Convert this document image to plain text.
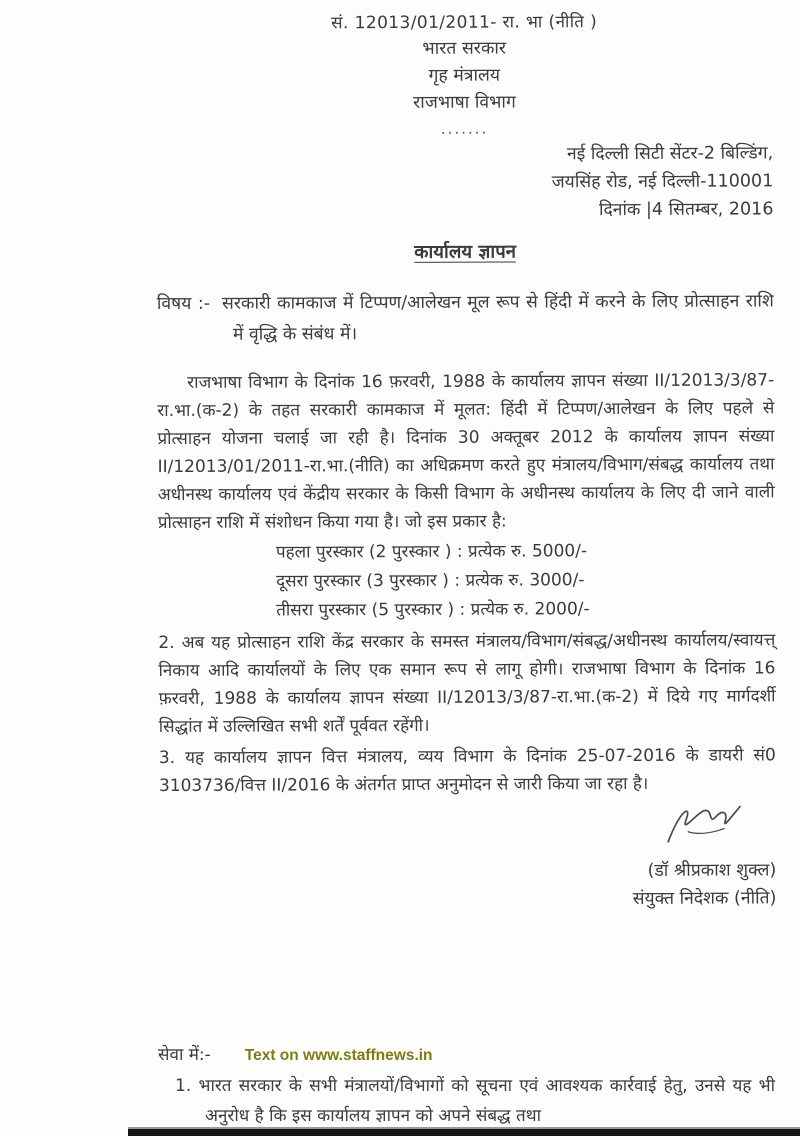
सं. 12013/01/2011- रा. भा (नीति )
भारत सरकार
गृह मंत्रालय
राजभाषा विभाग
.......
नई दिल्ली सिटी सेंटर-2 बिल्डिंग,
जयसिंह रोड, नई दिल्ली-110001
दिनांक |4 सितम्बर, 2016
कार्यालय ज्ञापन
विषय :- सरकारी कामकाज में टिप्पण/आलेखन मूल रूप से हिंदी में करने के लिए प्रोत्साहन राशि में वृद्धि के संबंध में।
राजभाषा विभाग के दिनांक 16 फ़रवरी, 1988 के कार्यालय ज्ञापन संख्या II/12013/3/87-रा.भा.(क-2) के तहत सरकारी कामकाज में मूलत: हिंदी में टिप्पण/आलेखन के लिए पहले से प्रोत्साहन योजना चलाई जा रही है। दिनांक 30 अक्तूबर 2012 के कार्यालय ज्ञापन संख्या II/12013/01/2011-रा.भा.(नीति) का अधिक्रमण करते हुए मंत्रालय/विभाग/संबद्ध कार्यालय तथा अधीनस्थ कार्यालय एवं केंद्रीय सरकार के किसी विभाग के अधीनस्थ कार्यालय के लिए दी जाने वाली प्रोत्साहन राशि में संशोधन किया गया है। जो इस प्रकार है:
पहला पुरस्कार (2 पुरस्कार ) : प्रत्येक रु. 5000/-
दूसरा पुरस्कार (3 पुरस्कार ) : प्रत्येक रु. 3000/-
तीसरा पुरस्कार (5 पुरस्कार ) : प्रत्येक रु. 2000/-
2. अब यह प्रोत्साहन राशि केंद्र सरकार के समस्त मंत्रालय/विभाग/संबद्ध/अधीनस्थ कार्यालय/स्वायत्त् निकाय आदि कार्यालयों के लिए एक समान रूप से लागू होगी। राजभाषा विभाग के दिनांक 16 फ़रवरी, 1988 के कार्यालय ज्ञापन संख्या II/12013/3/87-रा.भा.(क-2) में दिये गए मार्गदर्शी सिद्धांत में उल्लिखित सभी शर्तें पूर्ववत रहेंगी।
3. यह कार्यालय ज्ञापन वित्त मंत्रालय, व्यय विभाग के दिनांक 25-07-2016 के डायरी सं0 3103736/वित्त II/2016 के अंतर्गत प्राप्त अनुमोदन से जारी किया जा रहा है।
(डॉ श्रीप्रकाश शुक्ल)
संयुक्त निदेशक (नीति)
सेवा में:- Text on www.staffnews.in
1. भारत सरकार के सभी मंत्रालयों/विभागों को सूचना एवं आवश्यक कार्रवाई हेतु, उनसे यह भी अनुरोध है कि इस कार्यालय ज्ञापन को अपने संबद्ध तथा
